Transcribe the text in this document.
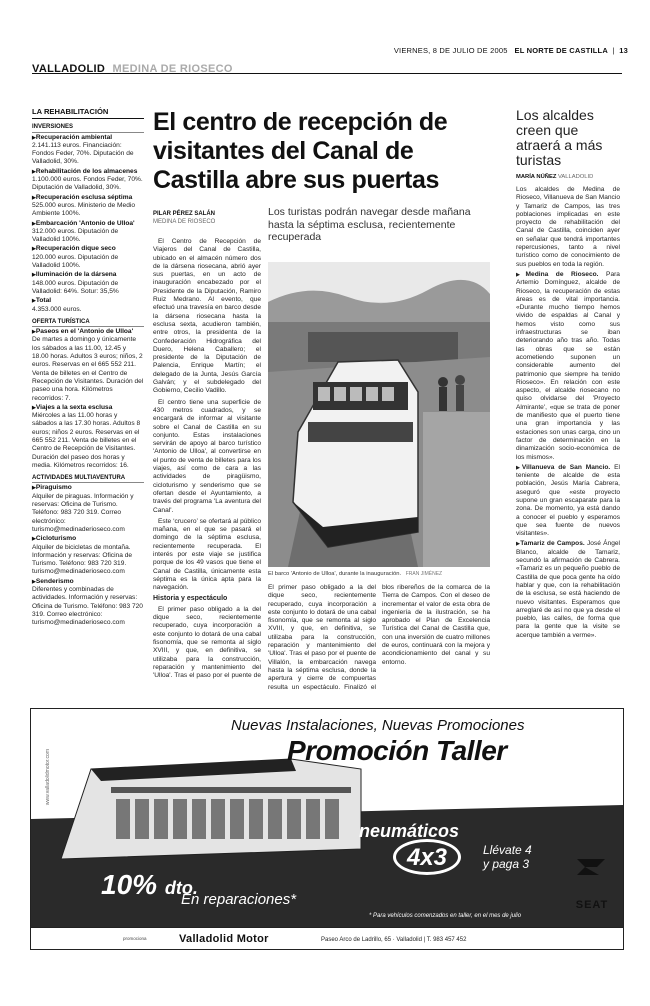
VIERNES, 8 DE JULIO DE 2005 EL NORTE DE CASTILLA  |  13
VALLADOLID MEDINA DE RIOSECO
LA REHABILITACIÓN
INVERSIONES
▶ Recuperación ambiental
2.141.113 euros. Financiación: Fondos Feder, 70%. Diputación de Valladolid, 30%.
▶ Rehabilitación de los almacenes
1.100.000 euros. Fondos Feder, 70%. Diputación de Valladolid, 30%.
▶ Recuperación esclusa séptima
525.000 euros. Ministerio de Medio Ambiente 100%.
▶ Embarcación 'Antonio de Ulloa'
312.000 euros. Diputación de Valladolid 100%.
▶ Recuperación dique seco
120.000 euros. Diputación de Valladolid 100%.
▶ Iluminación de la dársena
148.000 euros. Diputación de Valladolid: 64%. Sotur: 35,5%
▶ Total
4.353.000 euros.
OFERTA TURÍSTICA
▶ Paseos en el 'Antonio de Ulloa'
De martes a domingo y únicamente los sábados a las 11.00, 12.45 y 18.00 horas. Adultos 3 euros; niños, 2 euros. Reservas en el 665 552 211. Venta de billetes en el Centro de Recepción de Visitantes. Duración del paseo una hora. Kilómetros recorridos: 7.
▶ Viajes a la sexta esclusa
Miércoles a las 11.00 horas y sábados a las 17.30 horas. Adultos 8 euros; niños 2 euros. Reservas en el 665 552 211. Venta de billetes en el Centro de Recepción de Visitantes. Duración del paseo dos horas y media. Kilómetros recorridos: 16.
ACTIVIDADES MULTIAVENTURA
▶ Piraguismo
Alquiler de piraguas. Información y reservas: Oficina de Turismo. Teléfono: 983 720 319. Correo electrónico: turismo@medinaderioseco.com
▶ Cicloturismo
Alquiler de bicicletas de montaña. Información y reservas: Oficina de Turismo. Teléfono: 983 720 319. turismo@medinaderioseco.com
▶ Senderismo
Diferentes y combinadas de actividades. Información y reservas: Oficina de Turismo. Teléfono: 983 720 319. Correo electrónico: turismo@medinaderioseco.com
El centro de recepción de visitantes del Canal de Castilla abre sus puertas
PILAR PÉREZ SALÁN
MEDINA DE RIOSECO
Los turistas podrán navegar desde mañana hasta la séptima esclusa, recientemente recuperada

El Centro de Recepción de Viajeros del Canal de Castilla, ubicado en el almacén número dos de la dársena riosecana, abrió ayer sus puertas, en un acto de inauguración encabezado por el Presidente de la Diputación, Ramiro Ruiz Medrano. Al evento, que efectuó una travesía en barco desde la dársena riosecana hasta la esclusa sexta, acudieron también, entre otros, la presidenta de la Confederación Hidrográfica del Duero, Helena Caballero; el presidente de la Diputación de Palencia, Enrique Martín; el delegado de la Junta, Jesús García Galván; y el subdelegado del Gobierno, Cecilio Vadillo.

El centro tiene una superficie de 430 metros cuadrados, y se encargará de informar al visitante sobre el Canal de Castilla en su conjunto. Estas instalaciones servirán de apoyo al barco turístico 'Antonio de Ulloa', al convertirse en el punto de venta de billetes para los viajes, así como de cara a las actividades de piragüismo, cicloturismo y senderismo que se ofertan desde el Ayuntamiento, a través del programa 'La aventura del Canal'.

Este ‘crucero’ se ofertará al público mañana, en el que se pasará el domingo de la séptima esclusa, recientemente recuperada. El interés por este viaje se justifica porque de los 49 vasos que tiene el Canal de Castilla, únicamente esta séptima es la única apta para la navegación.

Historia y espectáculo

El primer paso obligado a la del dique seco, recientemente recuperado, cuya incorporación a este conjunto lo dotará de una cabal fisonomía, que se remonta al siglo XVIII, y que, en definitiva, se utilizaba para la construcción, reparación y mantenimiento del 'Ulloa'. Tras el paso por el puente de

El barco 'Antonio de Ulloa', durante la inauguración. FRAN JIMÉNEZ

El primer paso obligado a la del dique seco, recientemente recuperado, cuya incorporación a este conjunto lo dotará de una cabal fisonomía, que se remonta al siglo XVIII, y que, en definitiva, se utilizaba para la construcción, reparación y mantenimiento del 'Ulloa'. Tras el paso por el puente de Villalón, la embarcación navega hasta la séptima esclusa, donde la apertura y cierre de compuertas resulta un espectáculo. Finalizó el

blos ribereños de la comarca de la Tierra de Campos. Con el deseo de incrementar el valor de esta obra de ingeniería de la ilustración, se ha aprobado el Plan de Excelencia Turística del Canal de Castilla que, con una inversión de cuatro millones de euros, continuará con la mejora y acondicionamiento del canal y su entorno.

Los alcaldes creen que atraerá a más turistas
MARÍA NÚÑEZ VALLADOLID

Los alcaldes de Medina de Rioseco, Villanueva de San Mancio y Tamariz de Campos, las tres poblaciones implicadas en este proyecto de rehabilitación del Canal de Castilla, coinciden ayer en señalar que tendrá importantes repercusiones, tanto a nivel turístico como de conocimiento de sus pueblos en toda la región.

▶ Medina de Rioseco. Para Artemio Domínguez, alcalde de Rioseco, la recuperación de estas áreas es de vital importancia. «Durante mucho tiempo hemos vivido de espaldas al Canal y hemos visto como sus infraestructuras se iban deteriorando año tras año. Todas las obras que se están acometiendo suponen un considerable aumento del patrimonio que siempre ha tenido Rioseco». En relación con este aspecto, el alcalde riosecano no quiso olvidarse del 'Proyecto Almirante', «que se trata de poner de manifiesto que el puerto tiene una gran importancia y las estaciones son unas carga, cino un factor de determinación en la dinamización socio-económica de los mismos».

▶ Villanueva de San Mancio. El teniente de alcalde de esta población, Jesús María Cabrera, aseguró que «este proyecto supone un gran escaparate para la zona. De momento, ya está dando a conocer el pueblo y esperamos que sea fuente de nuevos visitantes».

▶ Tamariz de Campos. José Ángel Blanco, alcalde de Tamariz, secundó la afirmación de Cabrera. «Tamariz es un pequeño pueblo de Castilla de que poca gente ha oído hablar y que, con la rehabilitación de la esclusa, se está haciendo de nuevo visitantes. Esperamos que arreglaré de así no que ya desde el pueblo, las calles, de forma que para la gente que la visite se acerque también a verme».

www.valladolidmotor.com
Nuevas Instalaciones, Nuevas Promociones
Promoción Taller
neumáticos
4x3	Llévate 4
y paga 3
10% dto.
En reparaciones*
* Para vehículos comenzados en taller, en el mes de julio
SEAT
promociona	Valladolid Motor	Paseo Arco de Ladrillo, 65 · Valladolid | T. 983 457 452
